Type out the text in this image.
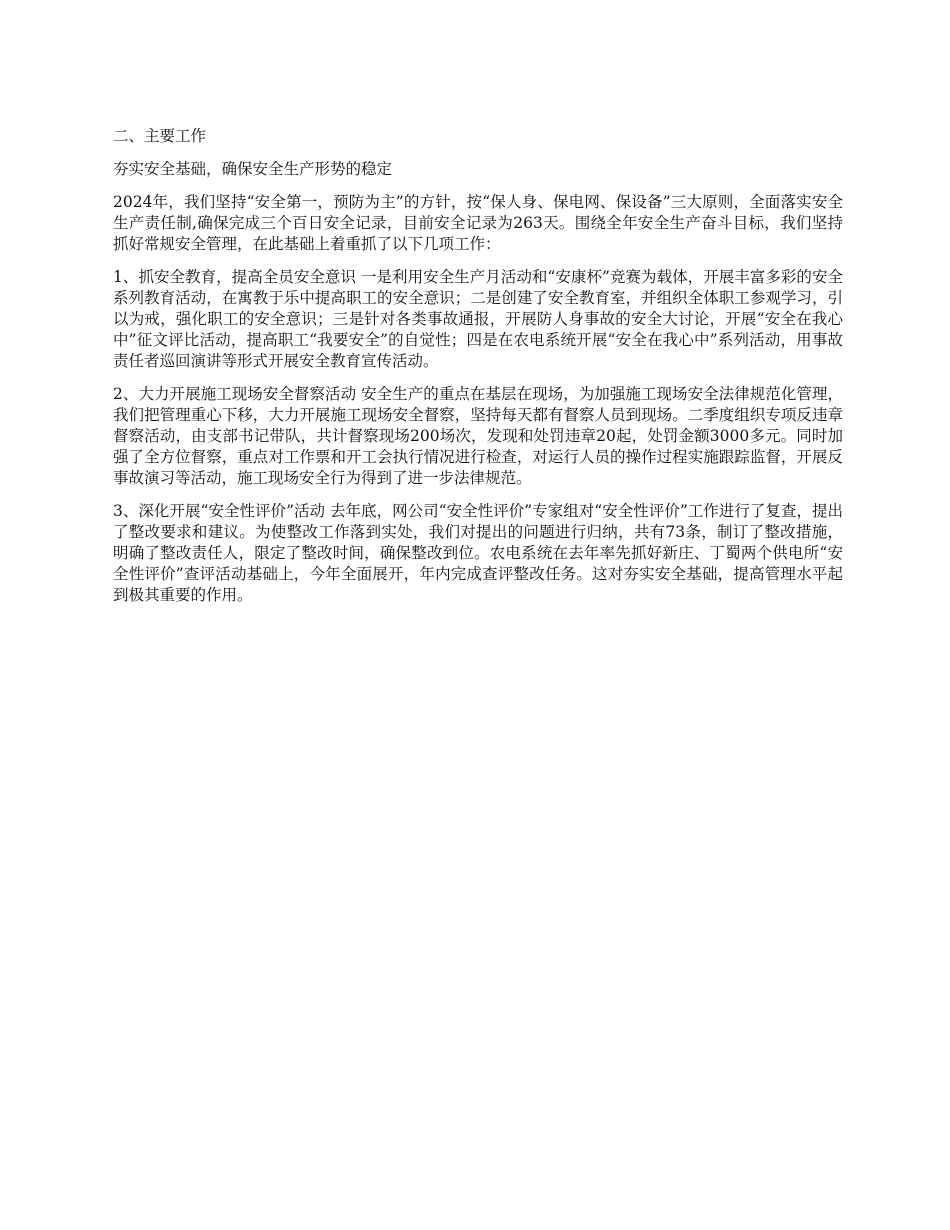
二、主要工作

夯实安全基础，确保安全生产形势的稳定

2024年，我们坚持“安全第一，预防为主”的方针，按“保人身、保电网、保设备”三大原则，全面落实安全生产责任制,确保完成三个百日安全记录，目前安全记录为263天。围绕全年安全生产奋斗目标，我们坚持抓好常规安全管理，在此基础上着重抓了以下几项工作：

1、抓安全教育，提高全员安全意识 一是利用安全生产月活动和“安康杯”竞赛为载体，开展丰富多彩的安全系列教育活动，在寓教于乐中提高职工的安全意识；二是创建了安全教育室，并组织全体职工参观学习，引以为戒，强化职工的安全意识；三是针对各类事故通报，开展防人身事故的安全大讨论，开展“安全在我心中”征文评比活动，提高职工“我要安全”的自觉性；四是在农电系统开展“安全在我心中”系列活动，用事故责任者巡回演讲等形式开展安全教育宣传活动。

2、大力开展施工现场安全督察活动 安全生产的重点在基层在现场，为加强施工现场安全法律规范化管理，我们把管理重心下移，大力开展施工现场安全督察，坚持每天都有督察人员到现场。二季度组织专项反违章督察活动，由支部书记带队，共计督察现场200场次，发现和处罚违章20起，处罚金额3000多元。同时加强了全方位督察，重点对工作票和开工会执行情况进行检查，对运行人员的操作过程实施跟踪监督，开展反事故演习等活动，施工现场安全行为得到了进一步法律规范。

3、深化开展“安全性评价”活动 去年底，网公司“安全性评价”专家组对“安全性评价”工作进行了复查，提出了整改要求和建议。为使整改工作落到实处，我们对提出的问题进行归纳，共有73条，制订了整改措施，明确了整改责任人，限定了整改时间，确保整改到位。农电系统在去年率先抓好新庄、丁蜀两个供电所“安全性评价”查评活动基础上，今年全面展开，年内完成查评整改任务。这对夯实安全基础，提高管理水平起到极其重要的作用。
